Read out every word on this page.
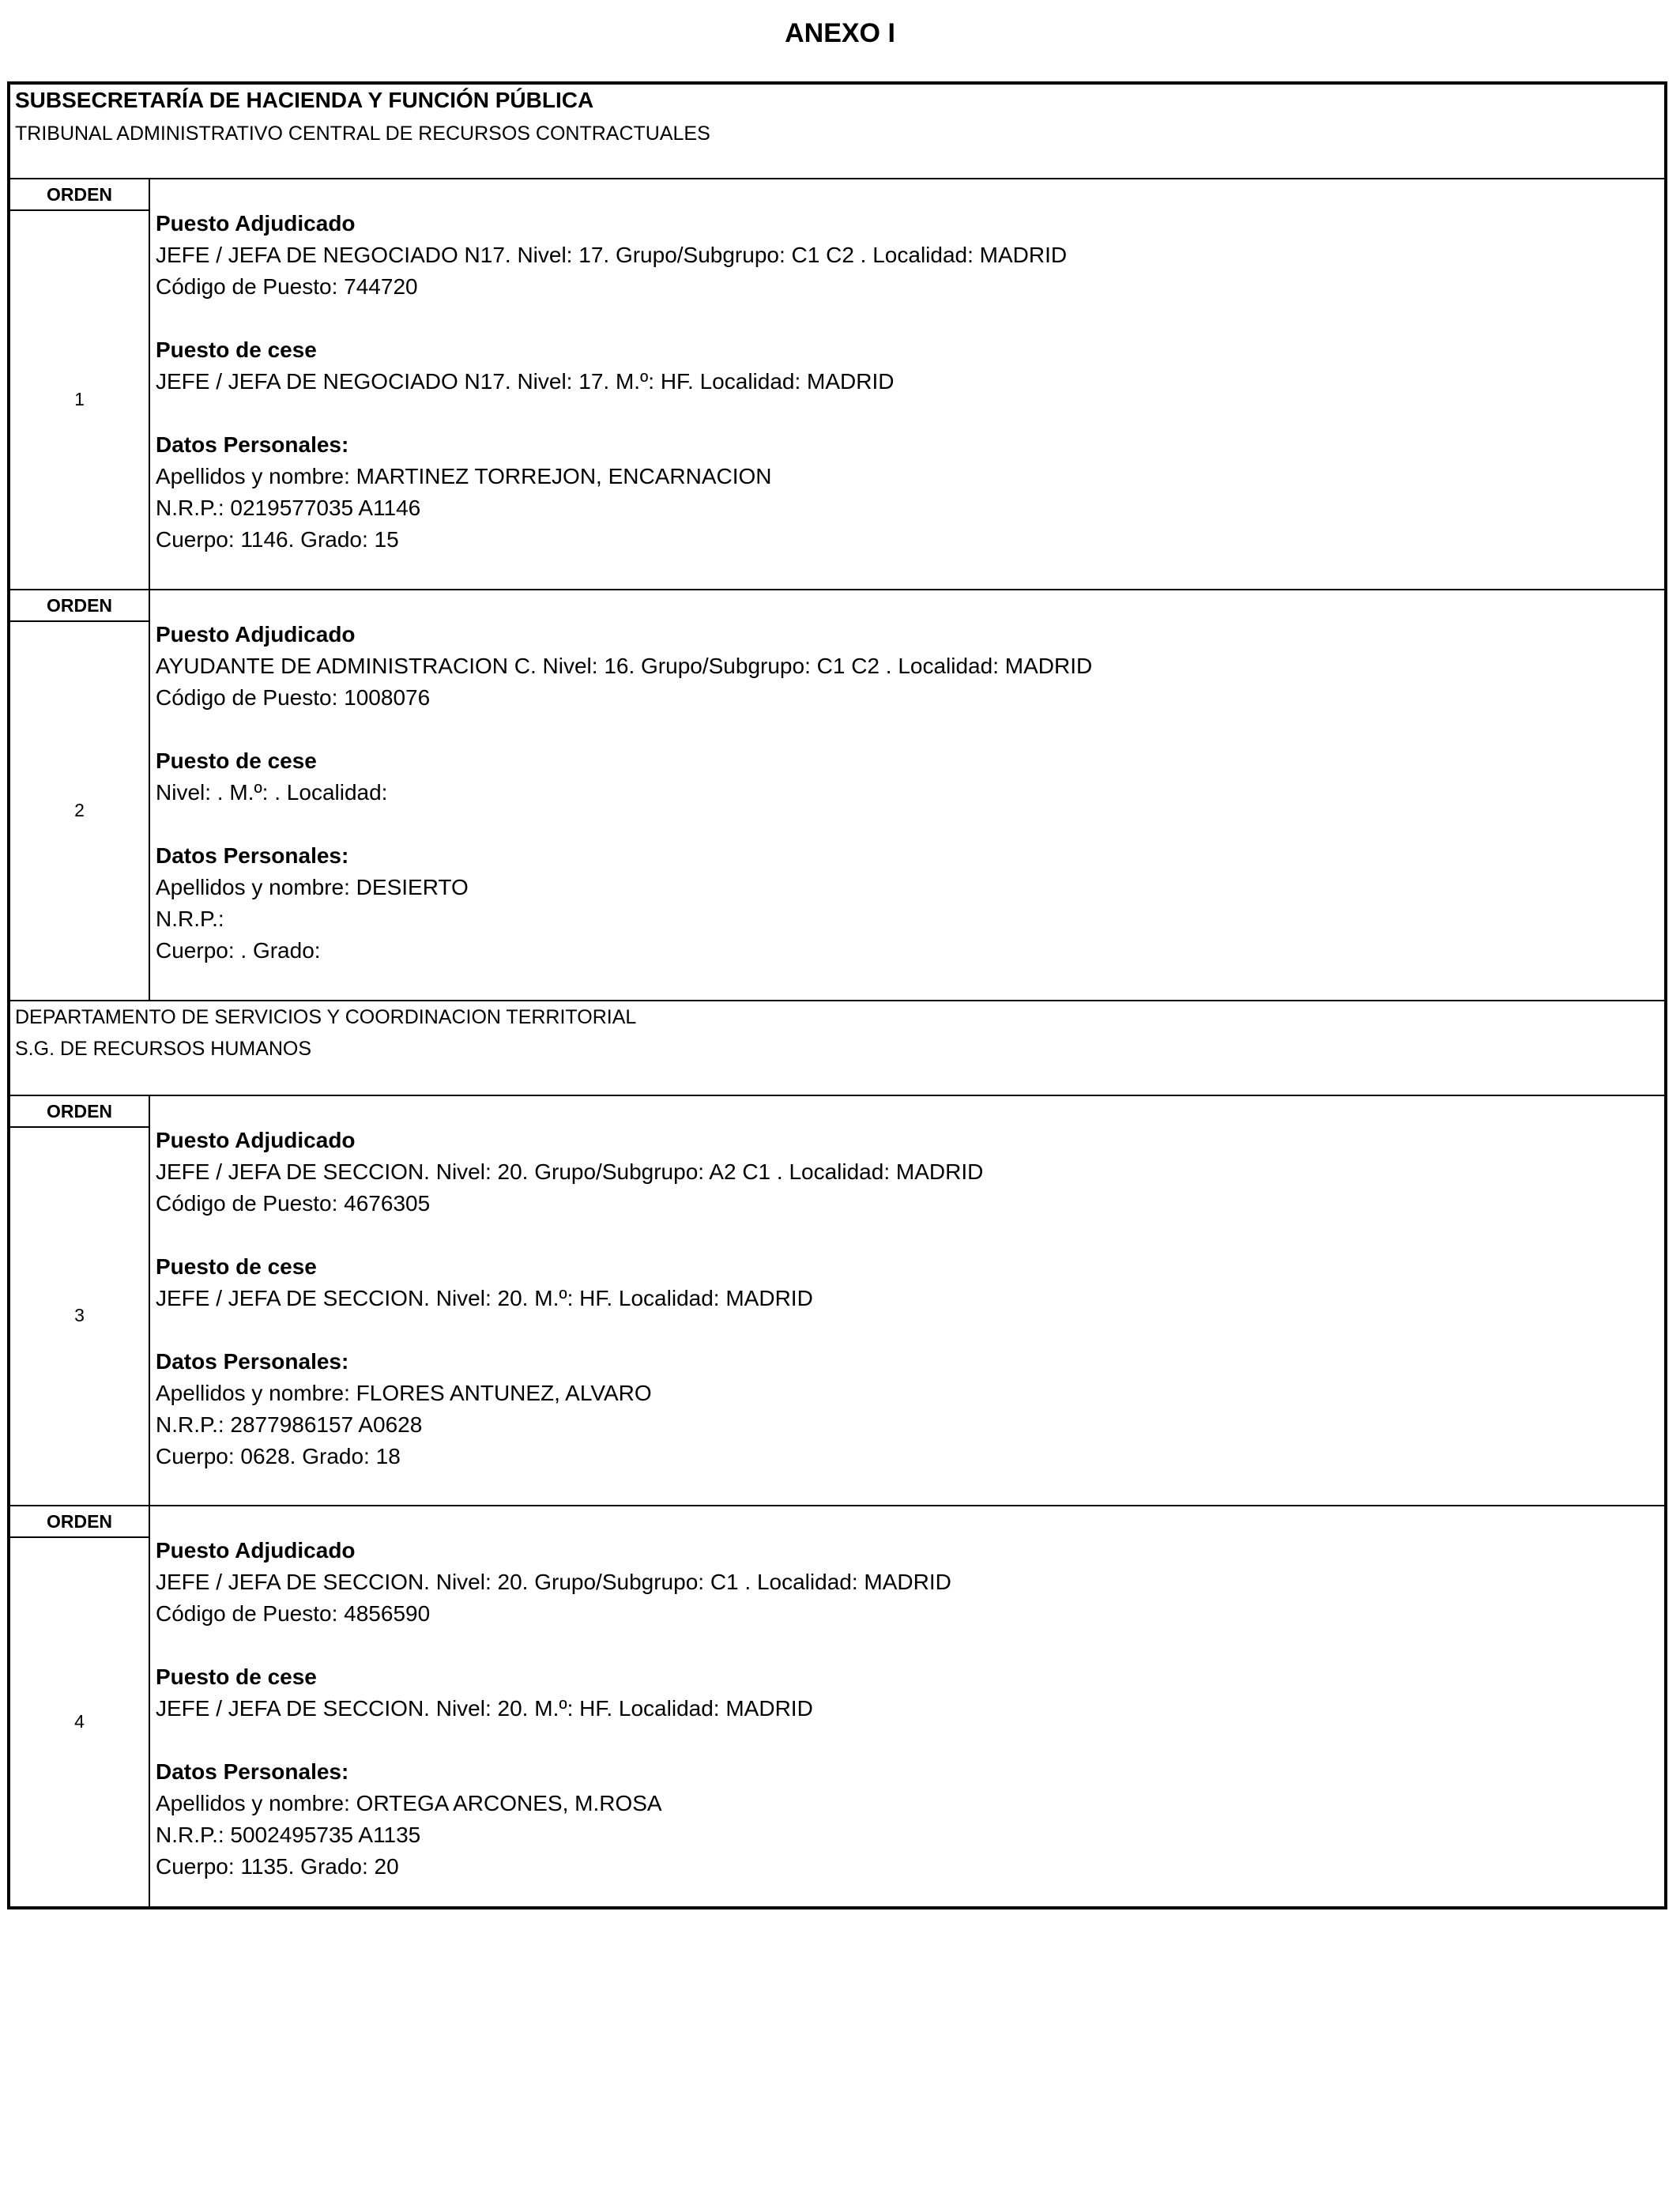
ANEXO I
SUBSECRETARÍA DE HACIENDA Y FUNCIÓN PÚBLICA
TRIBUNAL ADMINISTRATIVO CENTRAL DE RECURSOS CONTRACTUALES
ORDEN
1
Puesto Adjudicado
JEFE / JEFA DE NEGOCIADO N17. Nivel: 17. Grupo/Subgrupo: C1 C2 . Localidad: MADRID
Código de Puesto: 744720
Puesto de cese
JEFE / JEFA DE NEGOCIADO N17. Nivel: 17. M.º: HF. Localidad: MADRID
Datos Personales:
Apellidos y nombre: MARTINEZ TORREJON, ENCARNACION
N.R.P.: 0219577035 A1146
Cuerpo: 1146. Grado: 15
ORDEN
2
Puesto Adjudicado
AYUDANTE DE ADMINISTRACION C. Nivel: 16. Grupo/Subgrupo: C1 C2 . Localidad: MADRID
Código de Puesto: 1008076
Puesto de cese
Nivel: . M.º: . Localidad:
Datos Personales:
Apellidos y nombre: DESIERTO
N.R.P.:
Cuerpo: . Grado:
DEPARTAMENTO DE SERVICIOS Y COORDINACION TERRITORIAL
S.G. DE RECURSOS HUMANOS
ORDEN
3
Puesto Adjudicado
JEFE / JEFA DE SECCION. Nivel: 20. Grupo/Subgrupo: A2 C1 . Localidad: MADRID
Código de Puesto: 4676305
Puesto de cese
JEFE / JEFA DE SECCION. Nivel: 20. M.º: HF. Localidad: MADRID
Datos Personales:
Apellidos y nombre: FLORES ANTUNEZ, ALVARO
N.R.P.: 2877986157 A0628
Cuerpo: 0628. Grado: 18
ORDEN
4
Puesto Adjudicado
JEFE / JEFA DE SECCION. Nivel: 20. Grupo/Subgrupo: C1 . Localidad: MADRID
Código de Puesto: 4856590
Puesto de cese
JEFE / JEFA DE SECCION. Nivel: 20. M.º: HF. Localidad: MADRID
Datos Personales:
Apellidos y nombre: ORTEGA ARCONES, M.ROSA
N.R.P.: 5002495735 A1135
Cuerpo: 1135. Grado: 20
